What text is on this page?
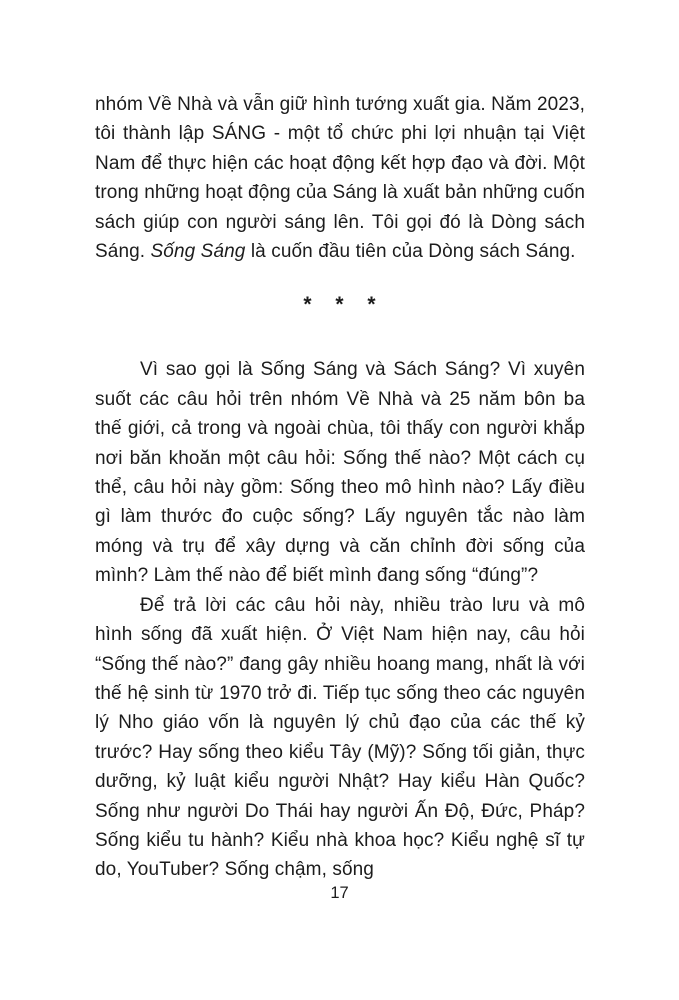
nhóm Về Nhà và vẫn giữ hình tướng xuất gia. Năm 2023, tôi thành lập SÁNG - một tổ chức phi lợi nhuận tại Việt Nam để thực hiện các hoạt động kết hợp đạo và đời. Một trong những hoạt động của Sáng là xuất bản những cuốn sách giúp con người sáng lên. Tôi gọi đó là Dòng sách Sáng. Sống Sáng là cuốn đầu tiên của Dòng sách Sáng.

* * *

Vì sao gọi là Sống Sáng và Sách Sáng? Vì xuyên suốt các câu hỏi trên nhóm Về Nhà và 25 năm bôn ba thế giới, cả trong và ngoài chùa, tôi thấy con người khắp nơi băn khoăn một câu hỏi: Sống thế nào? Một cách cụ thể, câu hỏi này gồm: Sống theo mô hình nào? Lấy điều gì làm thước đo cuộc sống? Lấy nguyên tắc nào làm móng và trụ để xây dựng và căn chỉnh đời sống của mình? Làm thế nào để biết mình đang sống “đúng”?

Để trả lời các câu hỏi này, nhiều trào lưu và mô hình sống đã xuất hiện. Ở Việt Nam hiện nay, câu hỏi “Sống thế nào?” đang gây nhiều hoang mang, nhất là với thế hệ sinh từ 1970 trở đi. Tiếp tục sống theo các nguyên lý Nho giáo vốn là nguyên lý chủ đạo của các thế kỷ trước? Hay sống theo kiểu Tây (Mỹ)? Sống tối giản, thực dưỡng, kỷ luật kiểu người Nhật? Hay kiểu Hàn Quốc? Sống như người Do Thái hay người Ấn Độ, Đức, Pháp? Sống kiểu tu hành? Kiểu nhà khoa học? Kiểu nghệ sĩ tự do, YouTuber? Sống chậm, sống

17
